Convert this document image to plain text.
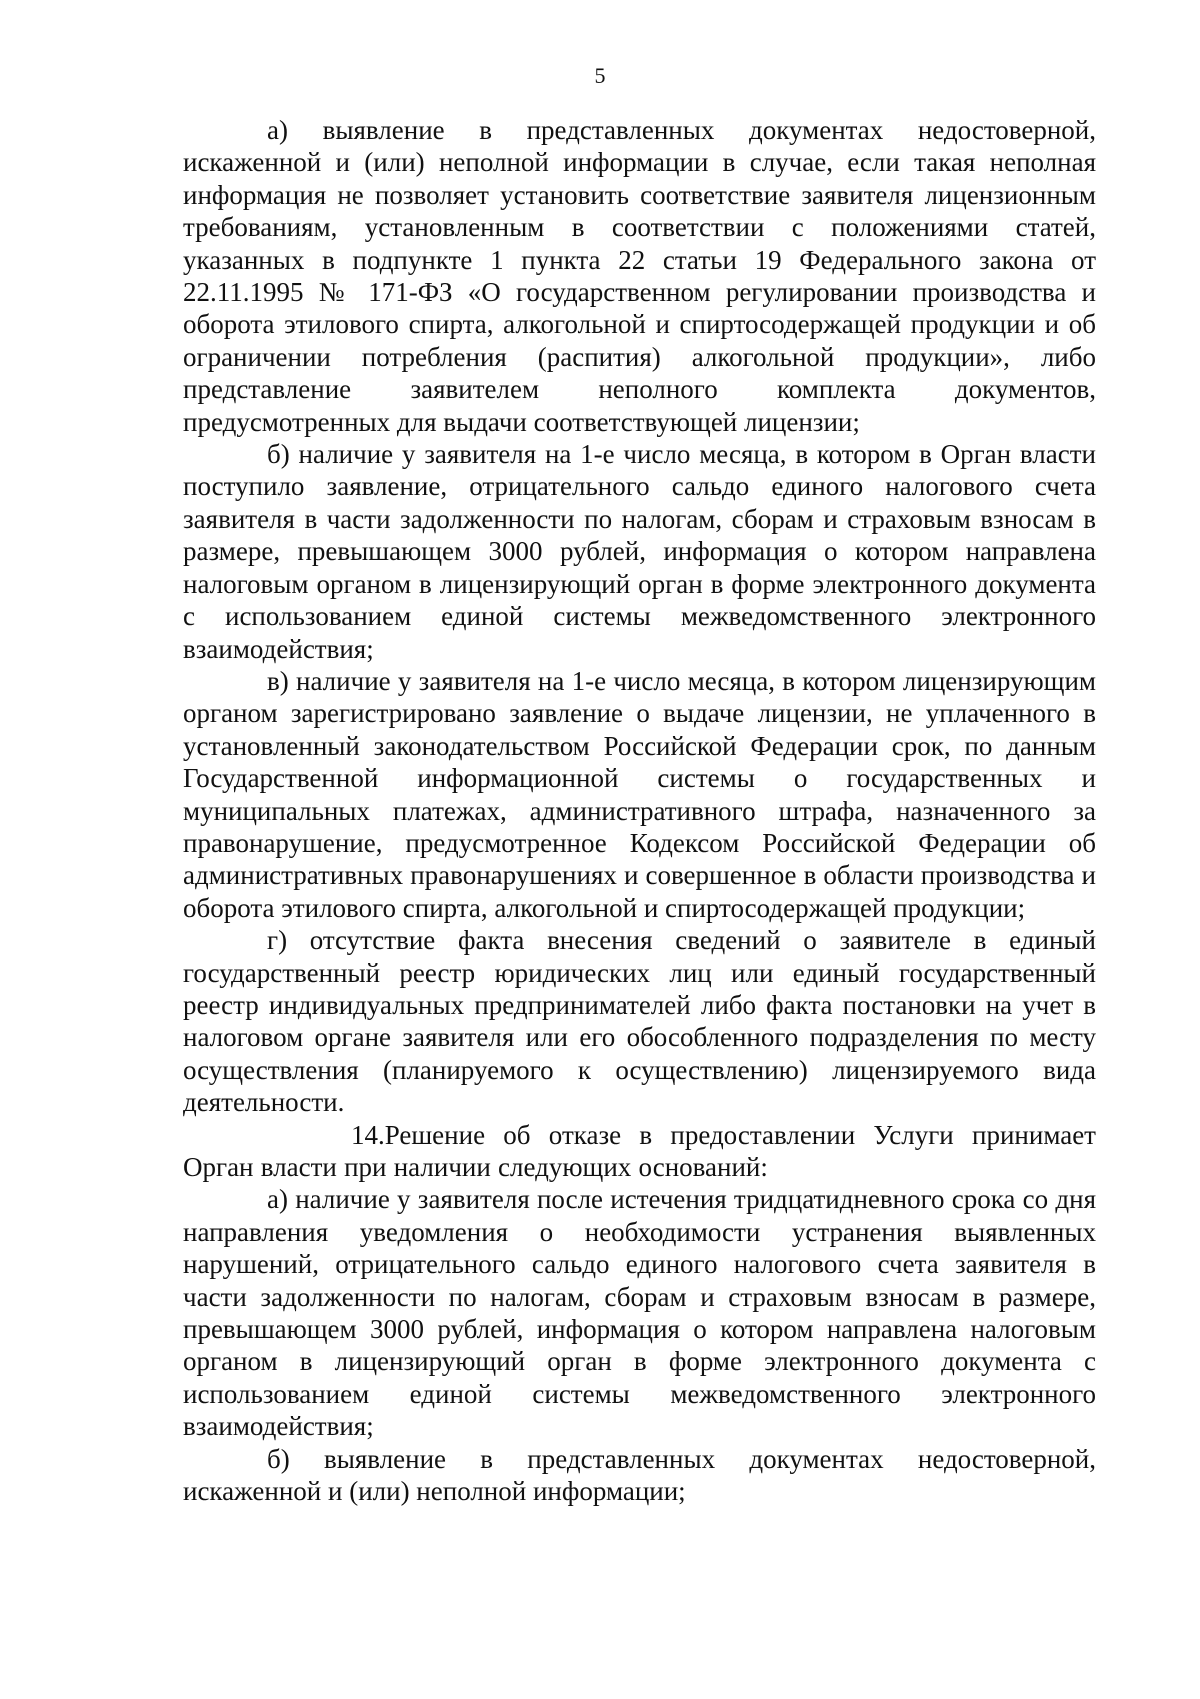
5

а) выявление в представленных документах недостоверной, искаженной и (или) неполной информации в случае, если такая неполная информация не позволяет установить соответствие заявителя лицензионным требованиям, установленным в соответствии с положениями статей, указанных в подпункте 1 пункта 22 статьи 19 Федерального закона от 22.11.1995 № 171-ФЗ «О государственном регулировании производства и оборота этилового спирта, алкогольной и спиртосодержащей продукции и об ограничении потребления (распития) алкогольной продукции», либо представление заявителем неполного комплекта документов, предусмотренных для выдачи соответствующей лицензии;

б) наличие у заявителя на 1-е число месяца, в котором в Орган власти поступило заявление, отрицательного сальдо единого налогового счета заявителя в части задолженности по налогам, сборам и страховым взносам в размере, превышающем 3000 рублей, информация о котором направлена налоговым органом в лицензирующий орган в форме электронного документа с использованием единой системы межведомственного электронного взаимодействия;

в) наличие у заявителя на 1-е число месяца, в котором лицензирующим органом зарегистрировано заявление о выдаче лицензии, не уплаченного в установленный законодательством Российской Федерации срок, по данным Государственной информационной системы о государственных и муниципальных платежах, административного штрафа, назначенного за правонарушение, предусмотренное Кодексом Российской Федерации об административных правонарушениях и совершенное в области производства и оборота этилового спирта, алкогольной и спиртосодержащей продукции;

г) отсутствие факта внесения сведений о заявителе в единый государственный реестр юридических лиц или единый государственный реестр индивидуальных предпринимателей либо факта постановки на учет в налоговом органе заявителя или его обособленного подразделения по месту осуществления (планируемого к осуществлению) лицензируемого вида деятельности.

14.Решение об отказе в предоставлении Услуги принимает Орган власти при наличии следующих оснований:

а) наличие у заявителя после истечения тридцатидневного срока со дня направления уведомления о необходимости устранения выявленных нарушений, отрицательного сальдо единого налогового счета заявителя в части задолженности по налогам, сборам и страховым взносам в размере, превышающем 3000 рублей, информация о котором направлена налоговым органом в лицензирующий орган в форме электронного документа с использованием единой системы межведомственного электронного взаимодействия;

б) выявление в представленных документах недостоверной, искаженной и (или) неполной информации;
